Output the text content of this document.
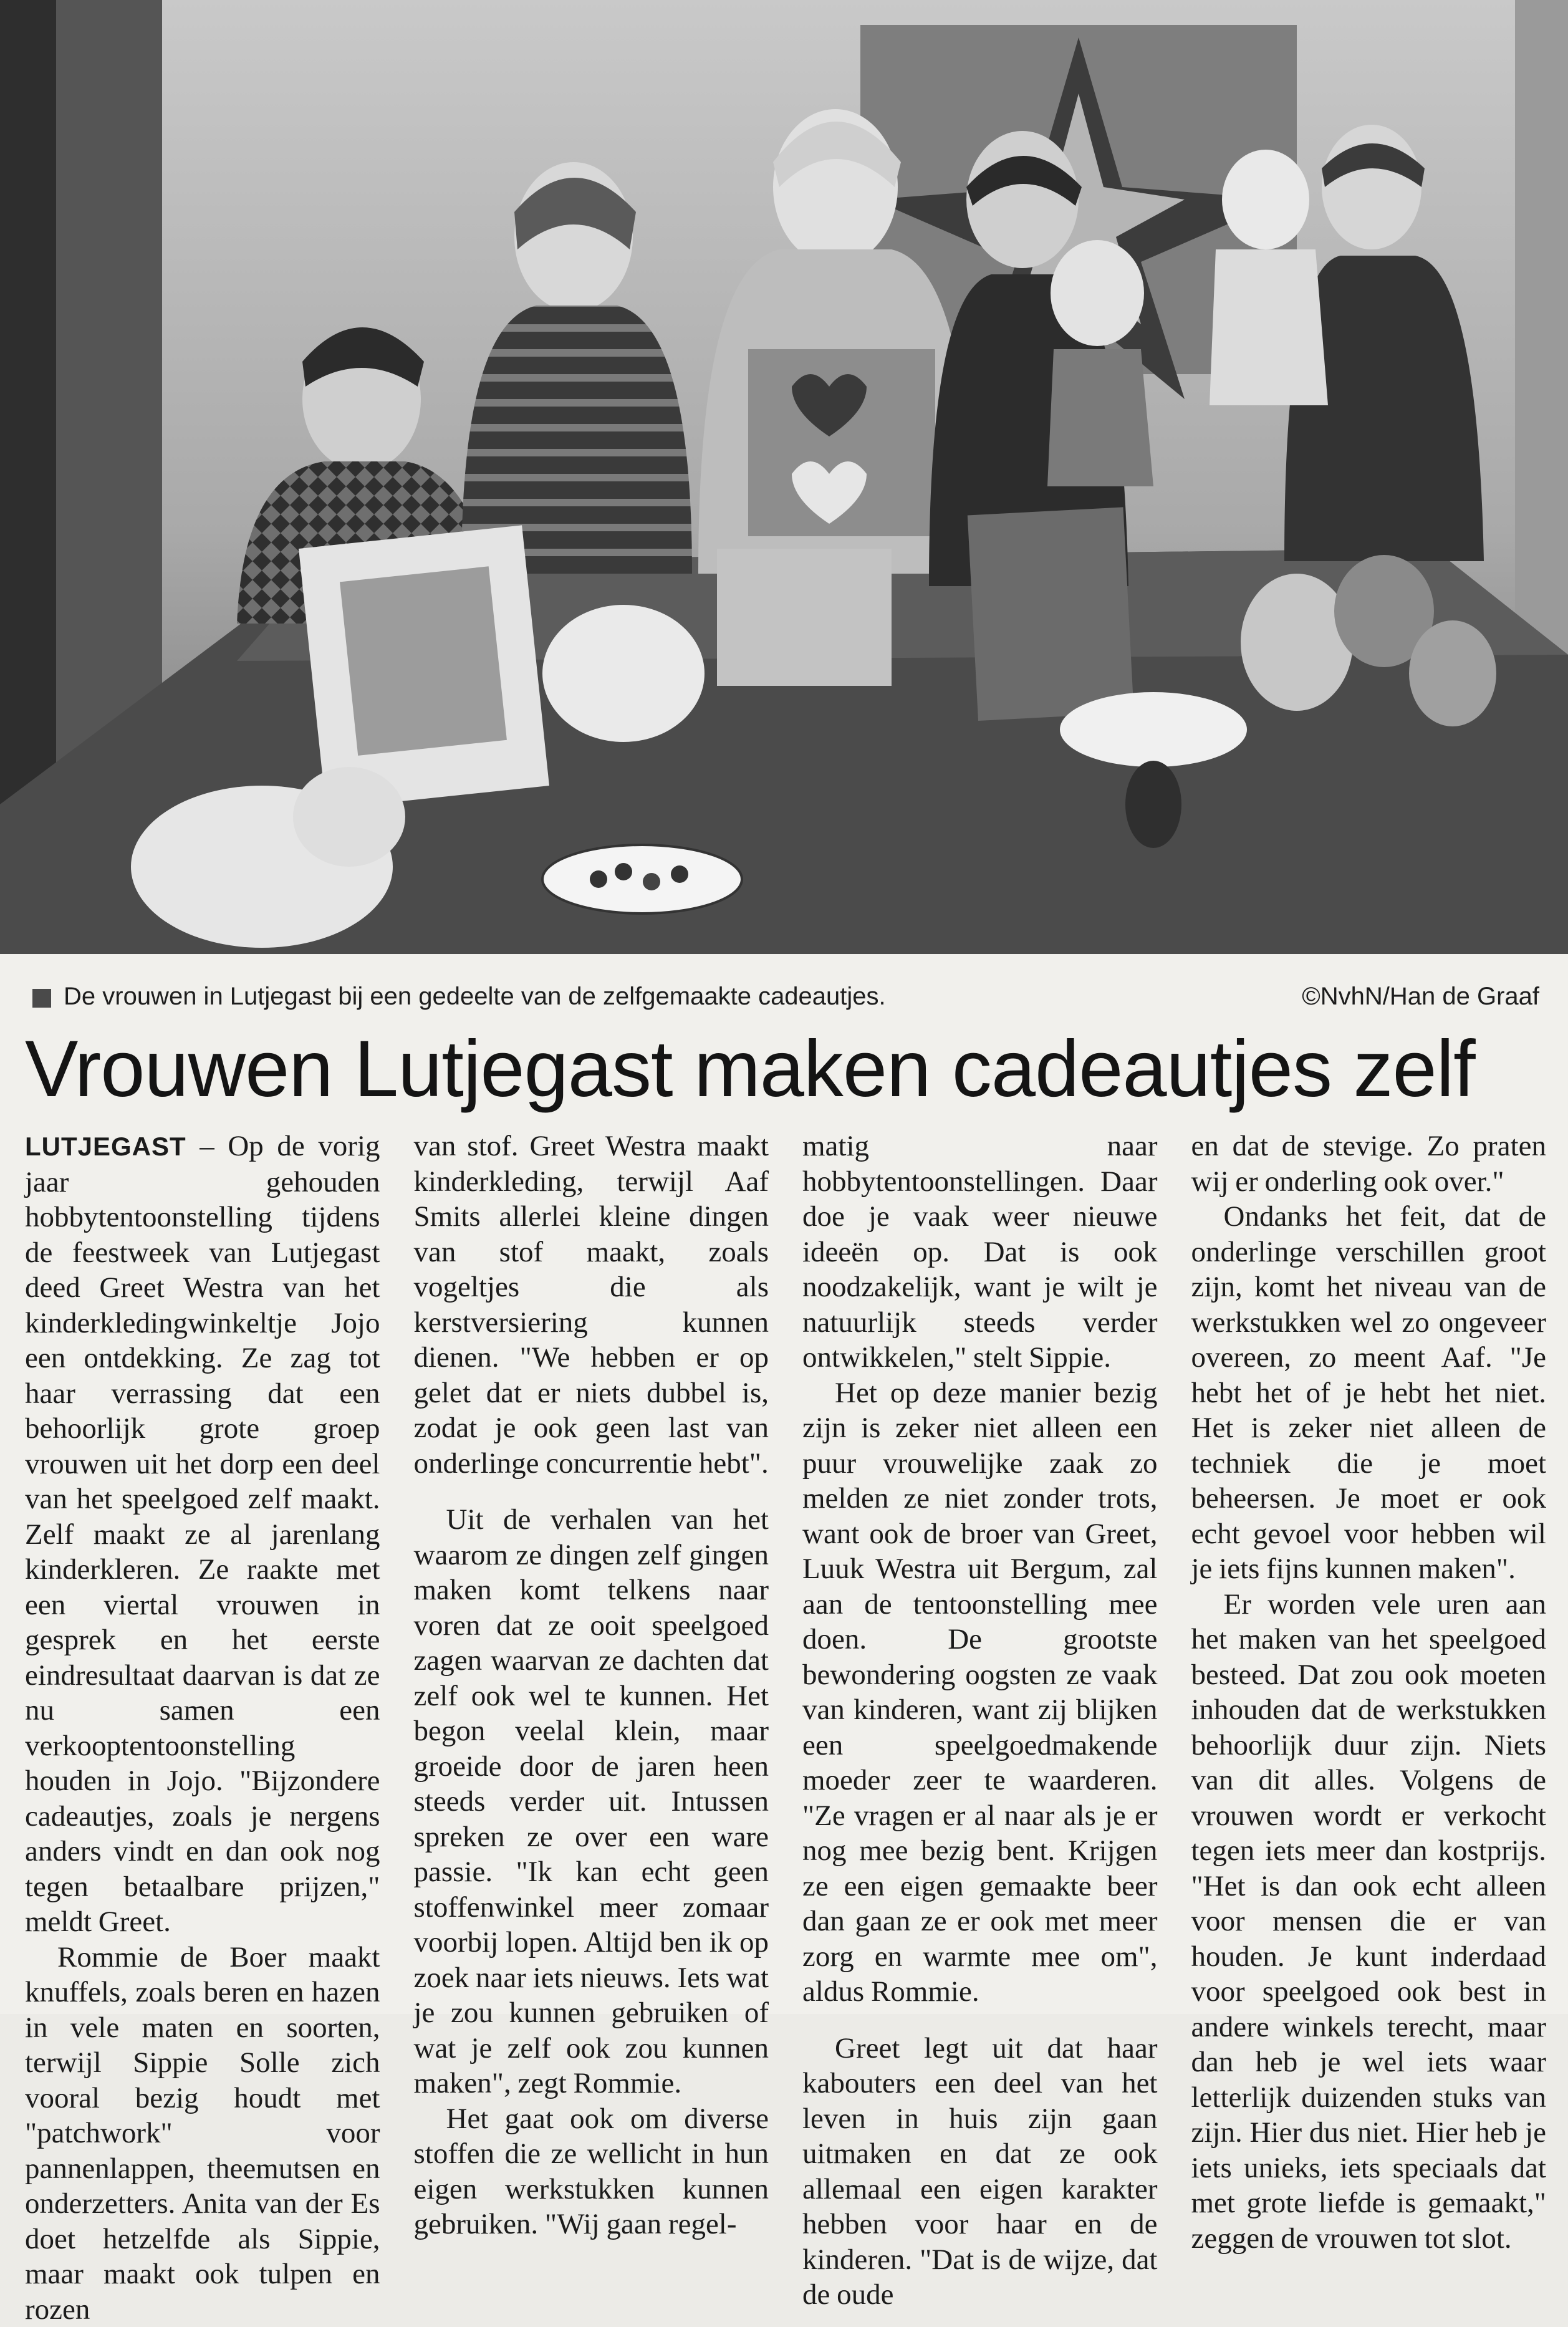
De vrouwen in Lutjegast bij een gedeelte van de zelfgemaakte cadeautjes.	©NvhN/Han de Graaf
Vrouwen Lutjegast maken cadeautjes zelf

LUTJEGAST – Op de vorig jaar gehouden hobbytentoonstelling tijdens de feestweek van Lutjegast deed Greet Westra van het kinderkledingwinkeltje Jojo een ontdekking. Ze zag tot haar verrassing dat een behoorlijk grote groep vrouwen uit het dorp een deel van het speelgoed zelf maakt. Zelf maakt ze al jarenlang kinderkleren. Ze raakte met een viertal vrouwen in gesprek en het eerste eindresultaat daarvan is dat ze nu samen een verkooptentoonstelling houden in Jojo. "Bijzondere cadeautjes, zoals je nergens anders vindt en dan ook nog tegen betaalbare prijzen," meldt Greet.

Rommie de Boer maakt knuffels, zoals beren en hazen in vele maten en soorten, terwijl Sippie Solle zich vooral bezig houdt met "patchwork" voor pannenlappen, theemutsen en onderzetters. Anita van der Es doet hetzelfde als Sippie, maar maakt ook tulpen en rozen

van stof. Greet Westra maakt kinderkleding, terwijl Aaf Smits allerlei kleine dingen van stof maakt, zoals vogeltjes die als kerstversiering kunnen dienen. "We hebben er op gelet dat er niets dubbel is, zodat je ook geen last van onderlinge concurrentie hebt".

Uit de verhalen van het waarom ze dingen zelf gingen maken komt telkens naar voren dat ze ooit speelgoed zagen waarvan ze dachten dat zelf ook wel te kunnen. Het begon veelal klein, maar groeide door de jaren heen steeds verder uit. Intussen spreken ze over een ware passie. "Ik kan echt geen stoffenwinkel meer zomaar voorbij lopen. Altijd ben ik op zoek naar iets nieuws. Iets wat je zou kunnen gebruiken of wat je zelf ook zou kunnen maken", zegt Rommie.

Het gaat ook om diverse stoffen die ze wellicht in hun eigen werkstukken kunnen gebruiken. "Wij gaan regel-

matig naar hobbytentoonstellingen. Daar doe je vaak weer nieuwe ideeën op. Dat is ook noodzakelijk, want je wilt je natuurlijk steeds verder ontwikkelen," stelt Sippie.

Het op deze manier bezig zijn is zeker niet alleen een puur vrouwelijke zaak zo melden ze niet zonder trots, want ook de broer van Greet, Luuk Westra uit Bergum, zal aan de tentoonstelling mee doen. De grootste bewondering oogsten ze vaak van kinderen, want zij blijken een speelgoedmakende moeder zeer te waarderen. "Ze vragen er al naar als je er nog mee bezig bent. Krijgen ze een eigen gemaakte beer dan gaan ze er ook met meer zorg en warmte mee om", aldus Rommie.

Greet legt uit dat haar kabouters een deel van het leven in huis zijn gaan uitmaken en dat ze ook allemaal een eigen karakter hebben voor haar en de kinderen. "Dat is de wijze, dat de oude

en dat de stevige. Zo praten wij er onderling ook over."

Ondanks het feit, dat de onderlinge verschillen groot zijn, komt het niveau van de werkstukken wel zo ongeveer overeen, zo meent Aaf. "Je hebt het of je hebt het niet. Het is zeker niet alleen de techniek die je moet beheersen. Je moet er ook echt gevoel voor hebben wil je iets fijns kunnen maken".

Er worden vele uren aan het maken van het speelgoed besteed. Dat zou ook moeten inhouden dat de werkstukken behoorlijk duur zijn. Niets van dit alles. Volgens de vrouwen wordt er verkocht tegen iets meer dan kostprijs. "Het is dan ook echt alleen voor mensen die er van houden. Je kunt inderdaad voor speelgoed ook best in andere winkels terecht, maar dan heb je wel iets waar letterlijk duizenden stuks van zijn. Hier dus niet. Hier heb je iets unieks, iets speciaals dat met grote liefde is gemaakt," zeggen de vrouwen tot slot.
